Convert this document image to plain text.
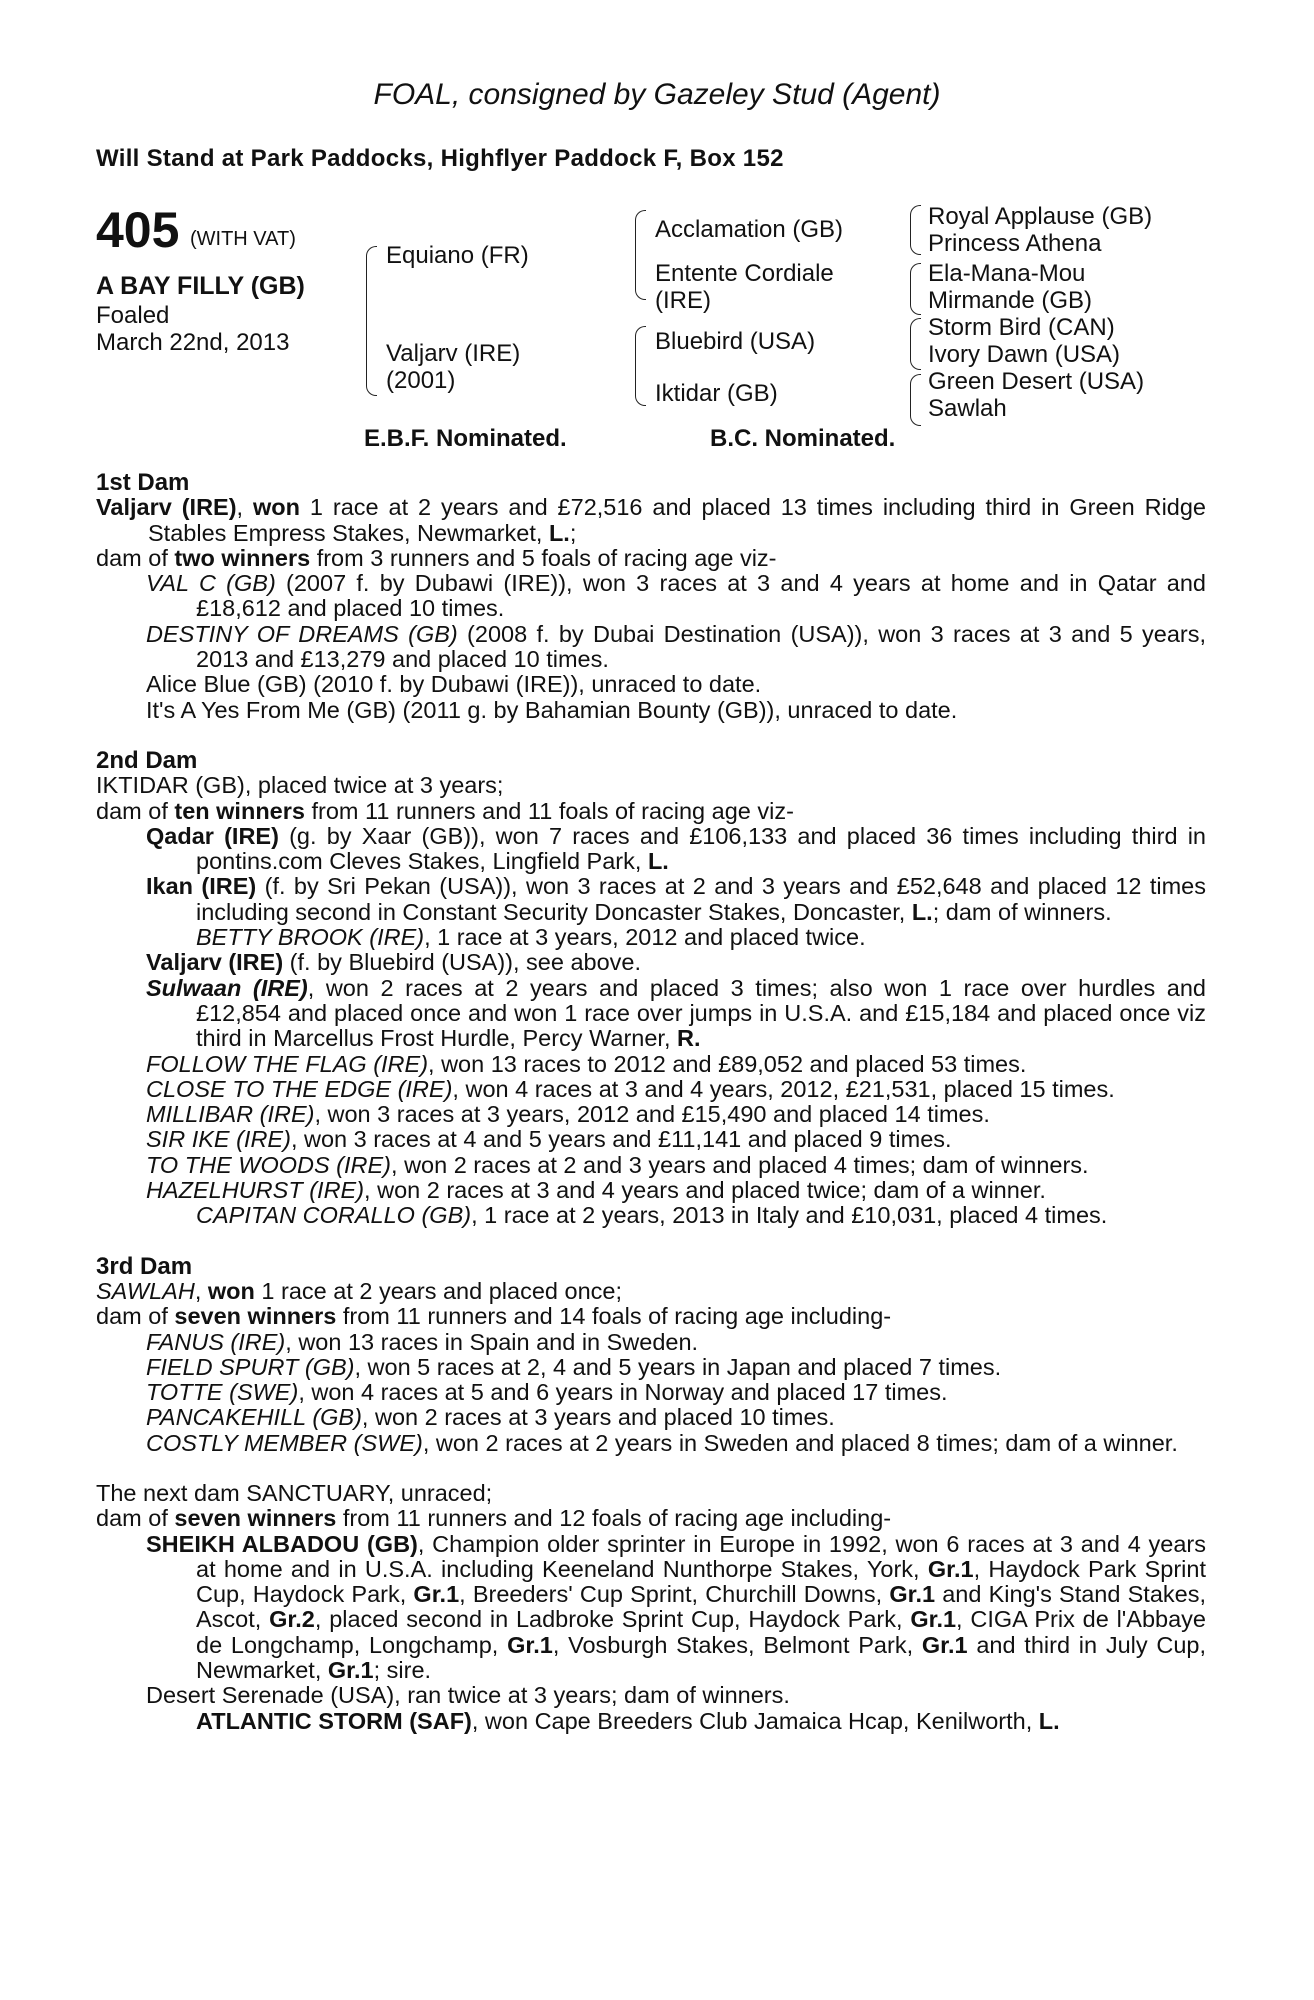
FOAL, consigned by Gazeley Stud (Agent)
Will Stand at Park Paddocks, Highflyer Paddock F, Box 152
405 (WITH VAT)
A BAY FILLY (GB)
Foaled
March 22nd, 2013
Equiano (FR)
Valjarv (IRE)
(2001)
Acclamation (GB)
Entente Cordiale
(IRE)
Bluebird (USA)
Iktidar (GB)
Royal Applause (GB)
Princess Athena
Ela-Mana-Mou
Mirmande (GB)
Storm Bird (CAN)
Ivory Dawn (USA)
Green Desert (USA)
Sawlah
E.B.F. Nominated.	B.C. Nominated.

1st Dam

Valjarv (IRE), won 1 race at 2 years and £72,516 and placed 13 times including third in Green Ridge Stables Empress Stakes, Newmarket, L.;

dam of two winners from 3 runners and 5 foals of racing age viz-

VAL C (GB) (2007 f. by Dubawi (IRE)), won 3 races at 3 and 4 years at home and in Qatar and £18,612 and placed 10 times.

DESTINY OF DREAMS (GB) (2008 f. by Dubai Destination (USA)), won 3 races at 3 and 5 years, 2013 and £13,279 and placed 10 times.

Alice Blue (GB) (2010 f. by Dubawi (IRE)), unraced to date.

It's A Yes From Me (GB) (2011 g. by Bahamian Bounty (GB)), unraced to date.

2nd Dam

IKTIDAR (GB), placed twice at 3 years;

dam of ten winners from 11 runners and 11 foals of racing age viz-

Qadar (IRE) (g. by Xaar (GB)), won 7 races and £106,133 and placed 36 times including third in pontins.com Cleves Stakes, Lingfield Park, L.

Ikan (IRE) (f. by Sri Pekan (USA)), won 3 races at 2 and 3 years and £52,648 and placed 12 times including second in Constant Security Doncaster Stakes, Doncaster, L.; dam of winners.

BETTY BROOK (IRE), 1 race at 3 years, 2012 and placed twice.

Valjarv (IRE) (f. by Bluebird (USA)), see above.

Sulwaan (IRE), won 2 races at 2 years and placed 3 times; also won 1 race over hurdles and £12,854 and placed once and won 1 race over jumps in U.S.A. and £15,184 and placed once viz third in Marcellus Frost Hurdle, Percy Warner, R.

FOLLOW THE FLAG (IRE), won 13 races to 2012 and £89,052 and placed 53 times.

CLOSE TO THE EDGE (IRE), won 4 races at 3 and 4 years, 2012, £21,531, placed 15 times.

MILLIBAR (IRE), won 3 races at 3 years, 2012 and £15,490 and placed 14 times.

SIR IKE (IRE), won 3 races at 4 and 5 years and £11,141 and placed 9 times.

TO THE WOODS (IRE), won 2 races at 2 and 3 years and placed 4 times; dam of winners.

HAZELHURST (IRE), won 2 races at 3 and 4 years and placed twice; dam of a winner.

CAPITAN CORALLO (GB), 1 race at 2 years, 2013 in Italy and £10,031, placed 4 times.

3rd Dam

SAWLAH, won 1 race at 2 years and placed once;

dam of seven winners from 11 runners and 14 foals of racing age including-

FANUS (IRE), won 13 races in Spain and in Sweden.

FIELD SPURT (GB), won 5 races at 2, 4 and 5 years in Japan and placed 7 times.

TOTTE (SWE), won 4 races at 5 and 6 years in Norway and placed 17 times.

PANCAKEHILL (GB), won 2 races at 3 years and placed 10 times.

COSTLY MEMBER (SWE), won 2 races at 2 years in Sweden and placed 8 times; dam of a winner.

The next dam SANCTUARY, unraced;

dam of seven winners from 11 runners and 12 foals of racing age including-

SHEIKH ALBADOU (GB), Champion older sprinter in Europe in 1992, won 6 races at 3 and 4 years at home and in U.S.A. including Keeneland Nunthorpe Stakes, York, Gr.1, Haydock Park Sprint Cup, Haydock Park, Gr.1, Breeders' Cup Sprint, Churchill Downs, Gr.1 and King's Stand Stakes, Ascot, Gr.2, placed second in Ladbroke Sprint Cup, Haydock Park, Gr.1, CIGA Prix de l'Abbaye de Longchamp, Longchamp, Gr.1, Vosburgh Stakes, Belmont Park, Gr.1 and third in July Cup, Newmarket, Gr.1; sire.

Desert Serenade (USA), ran twice at 3 years; dam of winners.

ATLANTIC STORM (SAF), won Cape Breeders Club Jamaica Hcap, Kenilworth, L.
